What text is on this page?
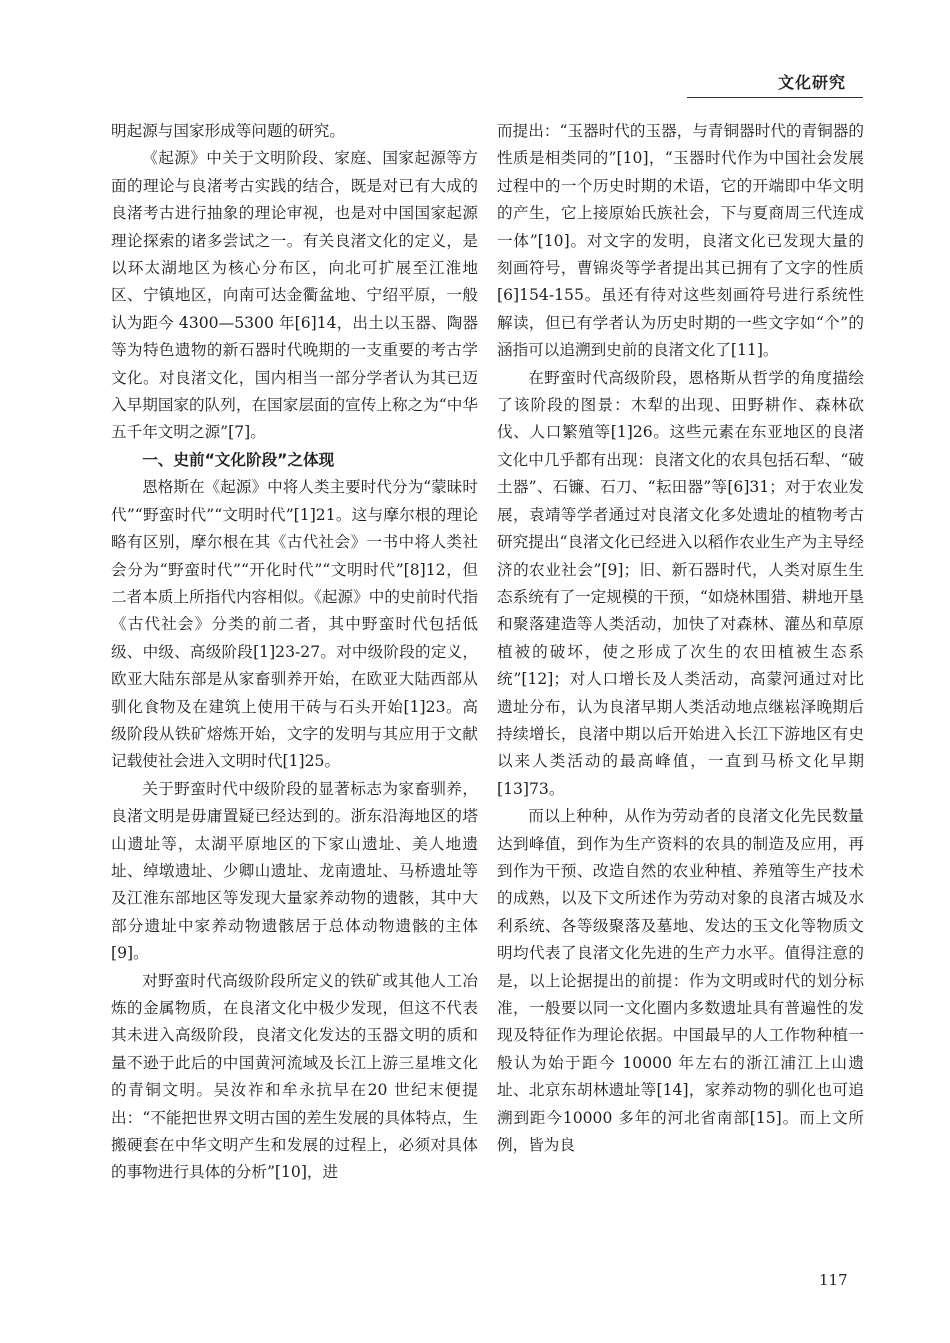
文化研究

明起源与国家形成等问题的研究。

《起源》中关于文明阶段、家庭、国家起源等方面的理论与良渚考古实践的结合，既是对已有大成的良渚考古进行抽象的理论审视，也是对中国国家起源理论探索的诸多尝试之一。有关良渚文化的定义，是以环太湖地区为核心分布区，向北可扩展至江淮地区、宁镇地区，向南可达金衢盆地、宁绍平原，一般认为距今 4300—5300 年[6]14，出土以玉器、陶器等为特色遗物的新石器时代晚期的一支重要的考古学文化。对良渚文化，国内相当一部分学者认为其已迈入早期国家的队列，在国家层面的宣传上称之为“中华五千年文明之源”[7]。

一、史前“文化阶段”之体现

恩格斯在《起源》中将人类主要时代分为“蒙昧时代”“野蛮时代”“文明时代”[1]21。这与摩尔根的理论略有区别，摩尔根在其《古代社会》一书中将人类社会分为“野蛮时代”“开化时代”“文明时代”[8]12，但二者本质上所指代内容相似。《起源》中的史前时代指《古代社会》分类的前二者，其中野蛮时代包括低级、中级、高级阶段[1]23-27。对中级阶段的定义，欧亚大陆东部是从家畜驯养开始，在欧亚大陆西部从驯化食物及在建筑上使用干砖与石头开始[1]23。高级阶段从铁矿熔炼开始，文字的发明与其应用于文献记载使社会进入文明时代[1]25。

关于野蛮时代中级阶段的显著标志为家畜驯养，良渚文明是毋庸置疑已经达到的。浙东沿海地区的塔山遗址等，太湖平原地区的下家山遗址、美人地遗址、绰墩遗址、少卿山遗址、龙南遗址、马桥遗址等及江淮东部地区等发现大量家养动物的遗骸，其中大部分遗址中家养动物遗骸居于总体动物遗骸的主体[9]。

对野蛮时代高级阶段所定义的铁矿或其他人工冶炼的金属物质，在良渚文化中极少发现，但这不代表其未进入高级阶段，良渚文化发达的玉器文明的质和量不逊于此后的中国黄河流域及长江上游三星堆文化的青铜文明。吴汝祚和牟永抗早在20 世纪末便提出：“不能把世界文明古国的差生发展的具体特点，生搬硬套在中华文明产生和发展的过程上，必须对具体的事物进行具体的分析”[10]，进

而提出：“玉器时代的玉器，与青铜器时代的青铜器的性质是相类同的”[10]，“玉器时代作为中国社会发展过程中的一个历史时期的术语，它的开端即中华文明的产生，它上接原始氏族社会，下与夏商周三代连成一体”[10]。对文字的发明，良渚文化已发现大量的刻画符号，曹锦炎等学者提出其已拥有了文字的性质[6]154-155。虽还有待对这些刻画符号进行系统性解读，但已有学者认为历史时期的一些文字如“个”的涵指可以追溯到史前的良渚文化了[11]。

在野蛮时代高级阶段，恩格斯从哲学的角度描绘了该阶段的图景：木犁的出现、田野耕作、森林砍伐、人口繁殖等[1]26。这些元素在东亚地区的良渚文化中几乎都有出现：良渚文化的农具包括石犁、“破土器”、石镰、石刀、“耘田器”等[6]31；对于农业发展，袁靖等学者通过对良渚文化多处遗址的植物考古研究提出“良渚文化已经进入以稻作农业生产为主导经济的农业社会”[9]；旧、新石器时代，人类对原生生态系统有了一定规模的干预，“如烧林围猎、耕地开垦和聚落建造等人类活动，加快了对森林、灌丛和草原植被的破坏，使之形成了次生的农田植被生态系统”[12]；对人口增长及人类活动，高蒙河通过对比遗址分布，认为良渚早期人类活动地点继崧泽晚期后持续增长，良渚中期以后开始进入长江下游地区有史以来人类活动的最高峰值，一直到马桥文化早期[13]73。

而以上种种，从作为劳动者的良渚文化先民数量达到峰值，到作为生产资料的农具的制造及应用，再到作为干预、改造自然的农业种植、养殖等生产技术的成熟，以及下文所述作为劳动对象的良渚古城及水利系统、各等级聚落及墓地、发达的玉文化等物质文明均代表了良渚文化先进的生产力水平。值得注意的是，以上论据提出的前提：作为文明或时代的划分标准，一般要以同一文化圈内多数遗址具有普遍性的发现及特征作为理论依据。中国最早的人工作物种植一般认为始于距今 10000 年左右的浙江浦江上山遗址、北京东胡林遗址等[14]，家养动物的驯化也可追溯到距今10000 多年的河北省南部[15]。而上文所例，皆为良

117
